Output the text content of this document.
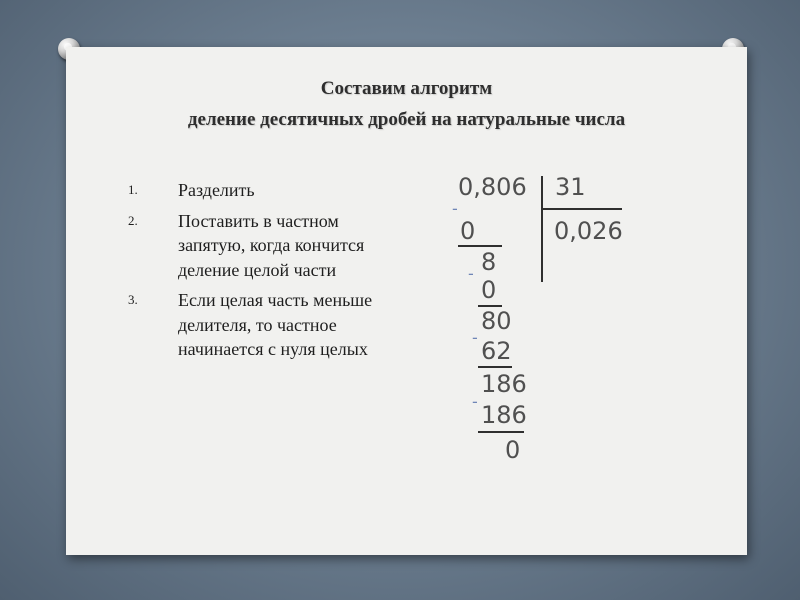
Составим алгоритм
деление десятичных дробей на натуральные числа
1. Разделить
2. Поставить в частном запятую, когда кончится деление целой части
3. Если целая часть меньше делителя, то частное начинается с нуля целых
0,806 31
0,026
-
0
8
-
0
80
- 62
186
- 186
0
